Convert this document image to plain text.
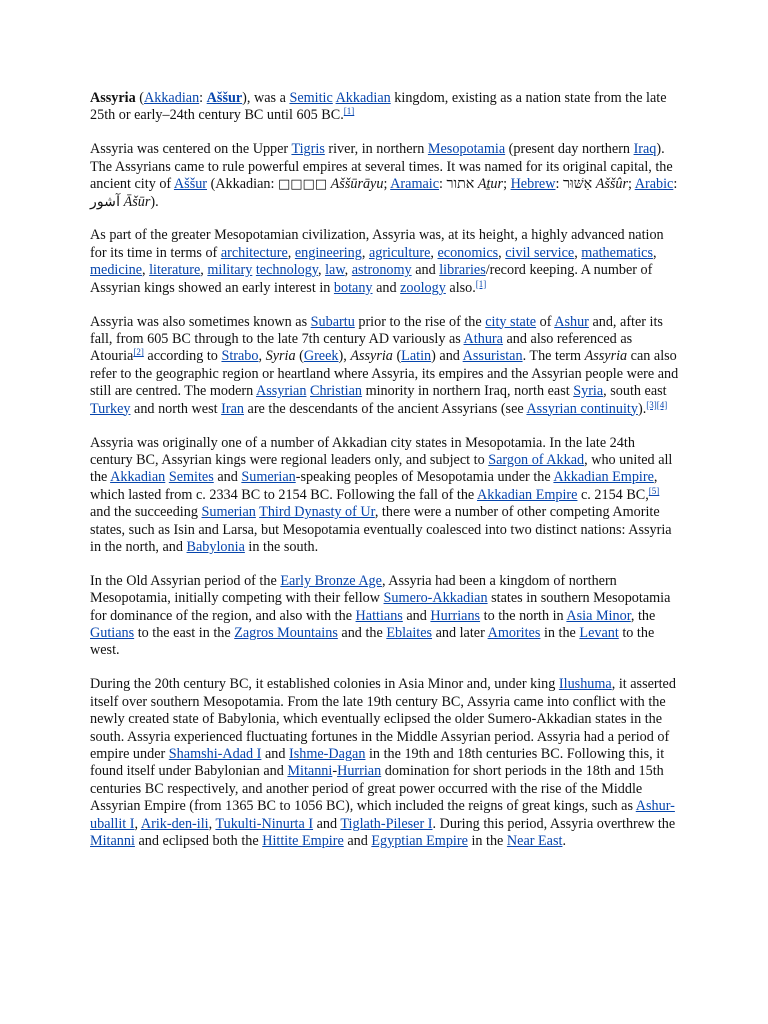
Assyria (Akkadian: Aššur), was a Semitic Akkadian kingdom, existing as a nation state from the late 25th or early–24th century BC until 605 BC.[1]

Assyria was centered on the Upper Tigris river, in northern Mesopotamia (present day northern Iraq). The Assyrians came to rule powerful empires at several times. It was named for its original capital, the ancient city of Aššur (Akkadian: □□□□ Aššūrāyu; Aramaic: אתור Aṯur; Hebrew: אַשּׁוּר Aššûr; Arabic: آشور Āšūr).

As part of the greater Mesopotamian civilization, Assyria was, at its height, a highly advanced nation for its time in terms of architecture, engineering, agriculture, economics, civil service, mathematics, medicine, literature, military technology, law, astronomy and libraries/record keeping. A number of Assyrian kings showed an early interest in botany and zoology also.[1]

Assyria was also sometimes known as Subartu prior to the rise of the city state of Ashur and, after its fall, from 605 BC through to the late 7th century AD variously as Athura and also referenced as Atouria[2] according to Strabo, Syria (Greek), Assyria (Latin) and Assuristan. The term Assyria can also refer to the geographic region or heartland where Assyria, its empires and the Assyrian people were and still are centred. The modern Assyrian Christian minority in northern Iraq, north east Syria, south east Turkey and north west Iran are the descendants of the ancient Assyrians (see Assyrian continuity).[3][4]

Assyria was originally one of a number of Akkadian city states in Mesopotamia. In the late 24th century BC, Assyrian kings were regional leaders only, and subject to Sargon of Akkad, who united all the Akkadian Semites and Sumerian-speaking peoples of Mesopotamia under the Akkadian Empire, which lasted from c. 2334 BC to 2154 BC. Following the fall of the Akkadian Empire c. 2154 BC,[5] and the succeeding Sumerian Third Dynasty of Ur, there were a number of other competing Amorite states, such as Isin and Larsa, but Mesopotamia eventually coalesced into two distinct nations: Assyria in the north, and Babylonia in the south.

In the Old Assyrian period of the Early Bronze Age, Assyria had been a kingdom of northern Mesopotamia, initially competing with their fellow Sumero-Akkadian states in southern Mesopotamia for dominance of the region, and also with the Hattians and Hurrians to the north in Asia Minor, the Gutians to the east in the Zagros Mountains and the Eblaites and later Amorites in the Levant to the west.

During the 20th century BC, it established colonies in Asia Minor and, under king Ilushuma, it asserted itself over southern Mesopotamia. From the late 19th century BC, Assyria came into conflict with the newly created state of Babylonia, which eventually eclipsed the older Sumero-Akkadian states in the south. Assyria experienced fluctuating fortunes in the Middle Assyrian period. Assyria had a period of empire under Shamshi-Adad I and Ishme-Dagan in the 19th and 18th centuries BC. Following this, it found itself under Babylonian and Mitanni-Hurrian domination for short periods in the 18th and 15th centuries BC respectively, and another period of great power occurred with the rise of the Middle Assyrian Empire (from 1365 BC to 1056 BC), which included the reigns of great kings, such as Ashur-uballit I, Arik-den-ili, Tukulti-Ninurta I and Tiglath-Pileser I. During this period, Assyria overthrew the Mitanni and eclipsed both the Hittite Empire and Egyptian Empire in the Near East.
